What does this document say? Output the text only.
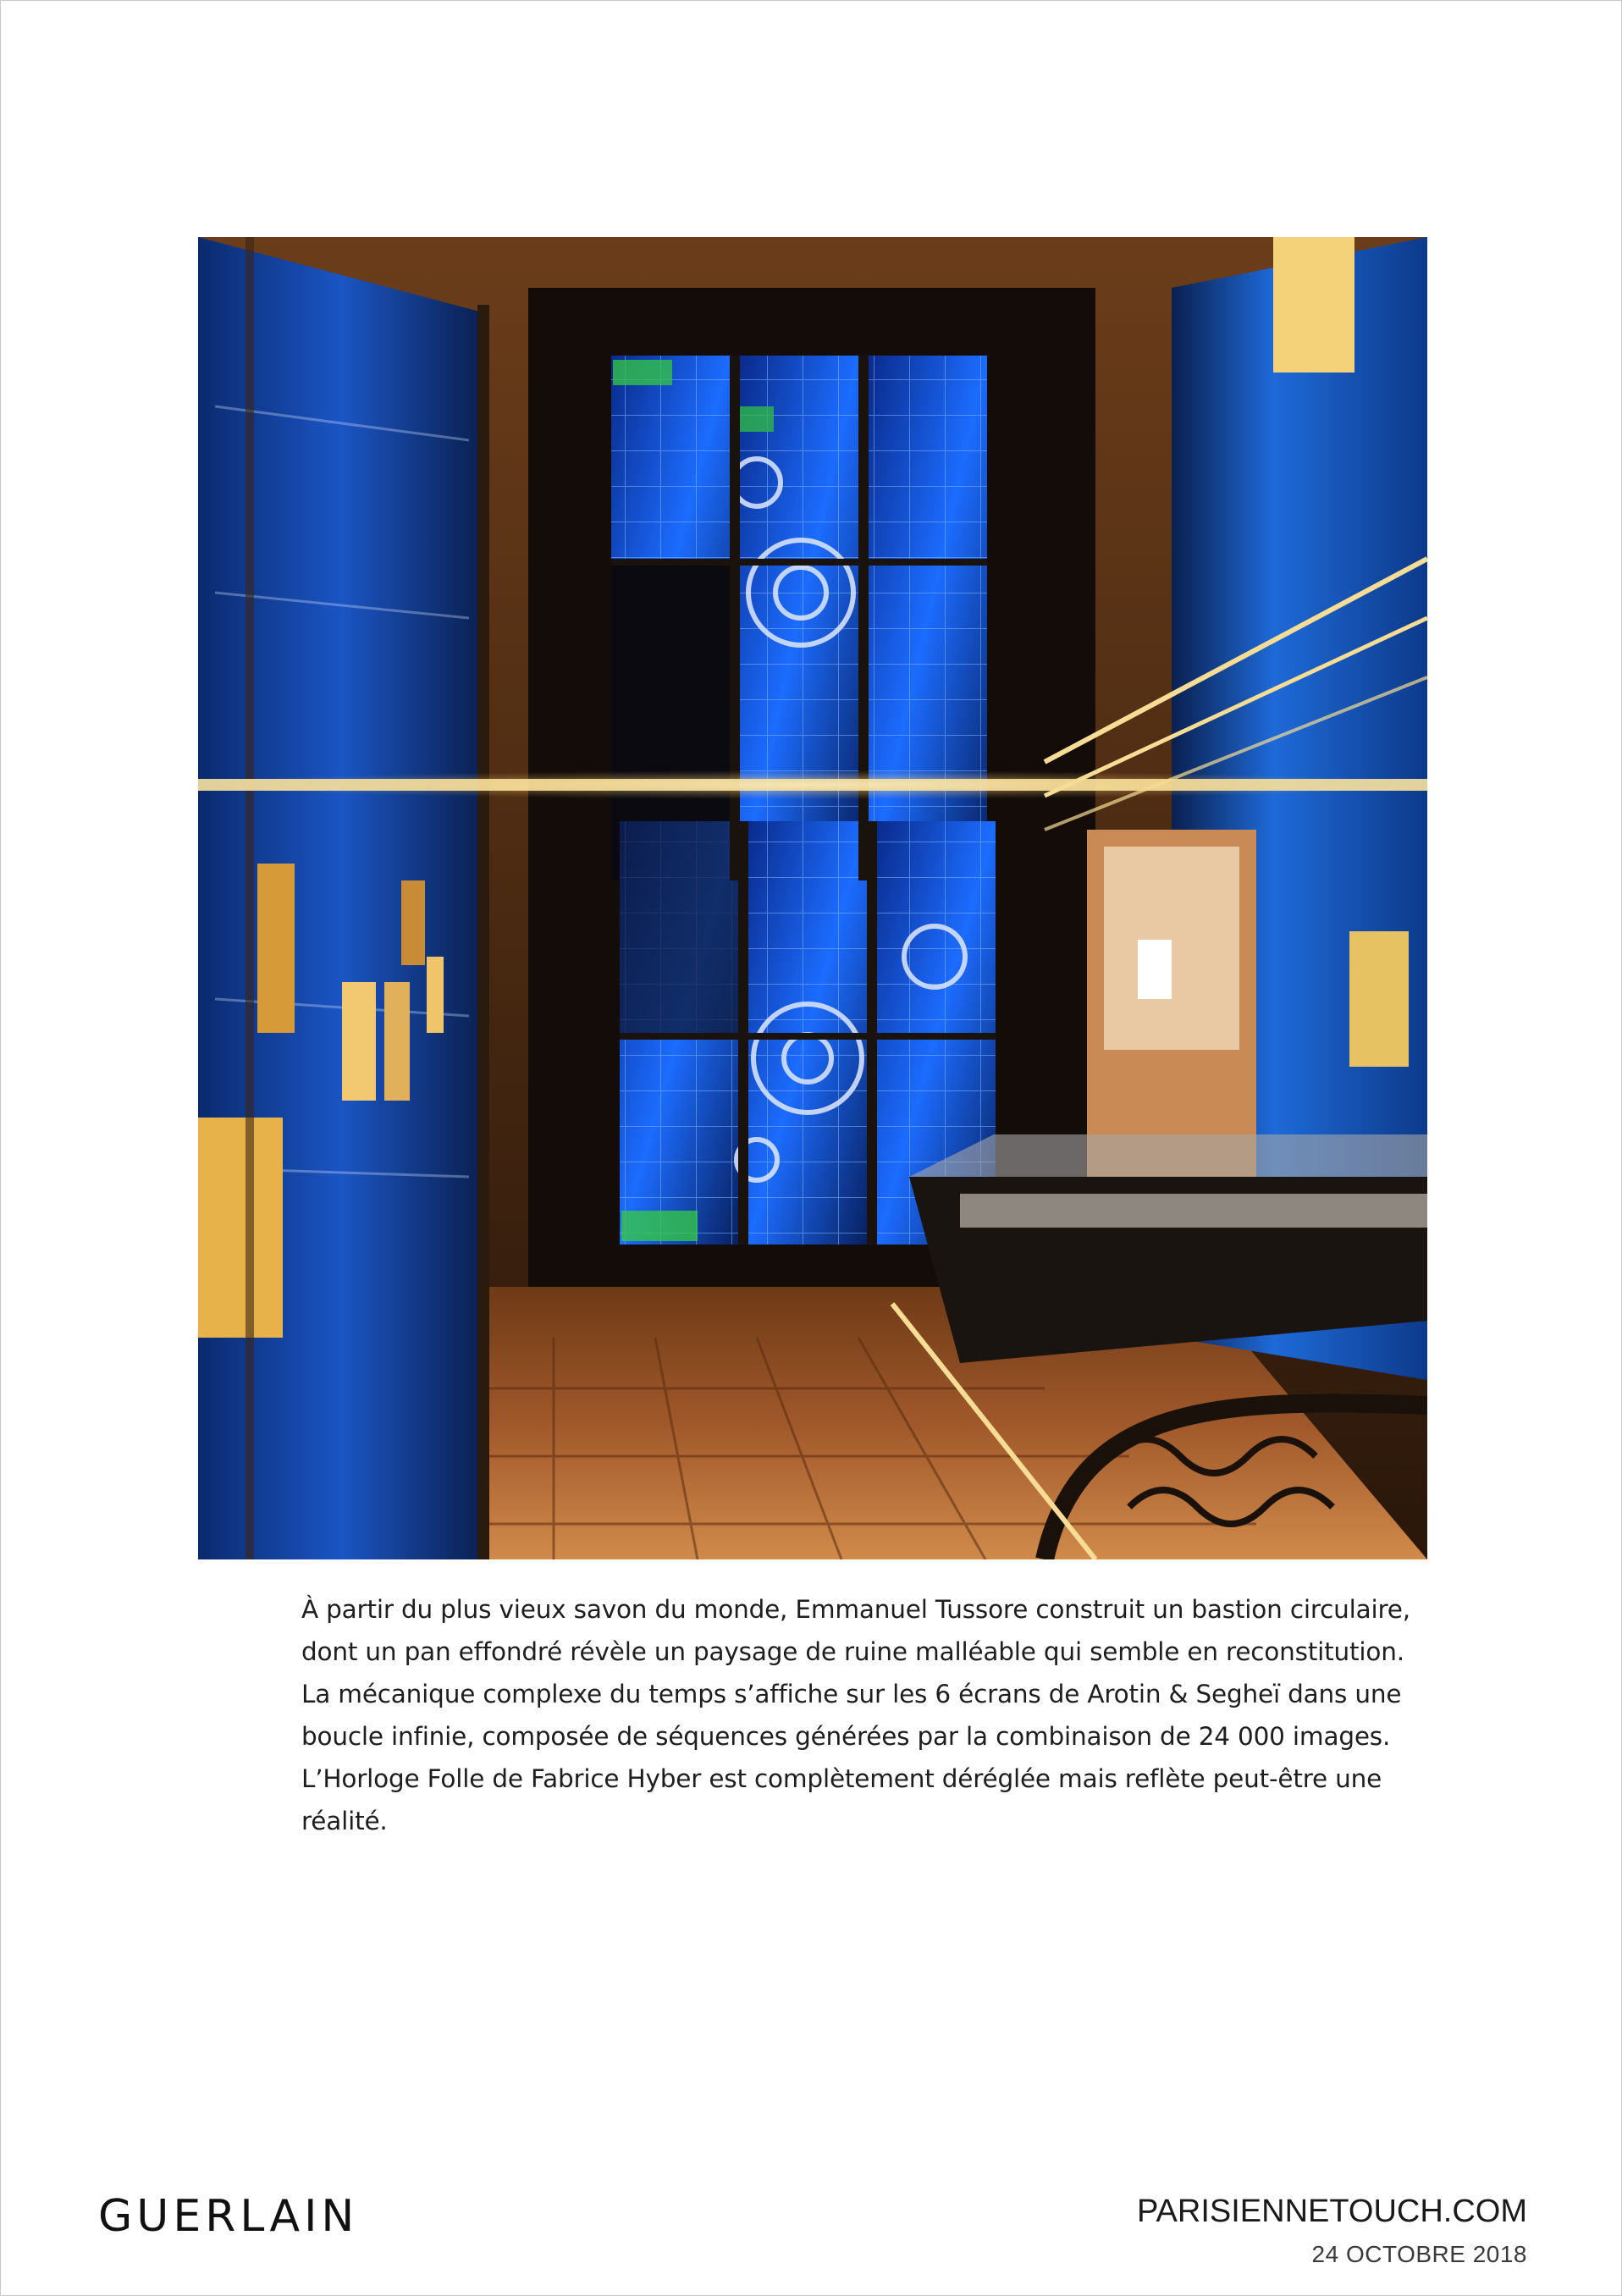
À partir du plus vieux savon du monde, Emmanuel Tussore construit un bastion circulaire,
dont un pan effondré révèle un paysage de ruine malléable qui semble en reconstitution.
La mécanique complexe du temps s’affiche sur les 6 écrans de Arotin & Segheï dans une
boucle infinie, composée de séquences générées par la combinaison de 24 000 images.
L’Horloge Folle de Fabrice Hyber est complètement déréglée mais reflète peut-être une
réalité.

GUERLAIN	PARISIENNETOUCH.COM
24 OCTOBRE 2018
